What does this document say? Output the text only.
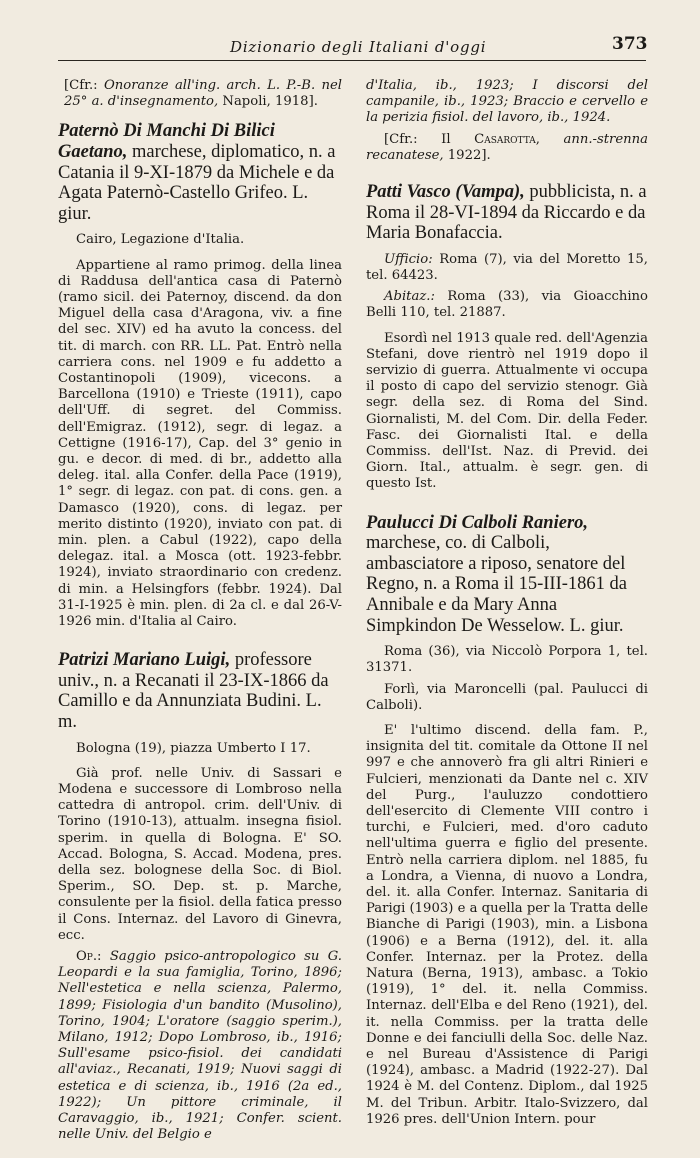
Dizionario degli Italiani d'oggi	373

[Cfr.: Onoranze all'ing. arch. L. P.-B. nel 25° a. d'insegnamento, Napoli, 1918].

Paternò Di Manchi Di Bilici Gaetano, marchese, diplomatico, n. a Catania il 9-XI-1879 da Michele e da Agata Paternò-Castello Grifeo. L. giur.

Cairo, Legazione d'Italia.

Appartiene al ramo primog. della linea di Raddusa dell'antica casa di Paternò (ramo sicil. dei Paternoy, discend. da don Miguel della casa d'Aragona, viv. a fine del sec. XIV) ed ha avuto la concess. del tit. di march. con RR. LL. Pat. Entrò nella carriera cons. nel 1909 e fu addetto a Costantinopoli (1909), vicecons. a Barcellona (1910) e Trieste (1911), capo dell'Uff. di segret. del Commiss. dell'Emigraz. (1912), segr. di legaz. a Cettigne (1916-17), Cap. del 3° genio in gu. e decor. di med. di br., addetto alla deleg. ital. alla Confer. della Pace (1919), 1° segr. di legaz. con pat. di cons. gen. a Damasco (1920), cons. di legaz. per merito distinto (1920), inviato con pat. di min. plen. a Cabul (1922), capo della delegaz. ital. a Mosca (ott. 1923-febbr. 1924), inviato straordinario con credenz. di min. a Helsingfors (febbr. 1924). Dal 31-I-1925 è min. plen. di 2a cl. e dal 26-V-1926 min. d'Italia al Cairo.

Patrizi Mariano Luigi, professore univ., n. a Recanati il 23-IX-1866 da Camillo e da Annunziata Budini. L. m.

Bologna (19), piazza Umberto I 17.

Già prof. nelle Univ. di Sassari e Modena e successore di Lombroso nella cattedra di antropol. crim. dell'Univ. di Torino (1910-13), attualm. insegna fisiol. sperim. in quella di Bologna. E' SO. Accad. Bologna, S. Accad. Modena, pres. della sez. bolognese della Soc. di Biol. Sperim., SO. Dep. st. p. Marche, consulente per la fisiol. della fatica presso il Cons. Internaz. del Lavoro di Ginevra, ecc.

Op.: Saggio psico-antropologico su G. Leopardi e la sua famiglia, Torino, 1896; Nell'estetica e nella scienza, Palermo, 1899; Fisiologia d'un bandito (Musolino), Torino, 1904; L'oratore (saggio sperim.), Milano, 1912; Dopo Lombroso, ib., 1916; Sull'esame psico-fisiol. dei candidati all'aviaz., Recanati, 1919; Nuovi saggi di estetica e di scienza, ib., 1916 (2a ed., 1922); Un pittore criminale, il Caravaggio, ib., 1921; Confer. scient. nelle Univ. del Belgio e

d'Italia, ib., 1923; I discorsi del campanile, ib., 1923; Braccio e cervello e la perizia fisiol. del lavoro, ib., 1924.

[Cfr.: Il Casarotta, ann.-strenna recanatese, 1922].

Patti Vasco (Vampa), pubblicista, n. a Roma il 28-VI-1894 da Riccardo e da Maria Bonafaccia.

Ufficio: Roma (7), via del Moretto 15, tel. 64423.

Abitaz.: Roma (33), via Gioacchino Belli 110, tel. 21887.

Esordì nel 1913 quale red. dell'Agenzia Stefani, dove rientrò nel 1919 dopo il servizio di guerra. Attualmente vi occupa il posto di capo del servizio stenogr. Già segr. della sez. di Roma del Sind. Giornalisti, M. del Com. Dir. della Feder. Fasc. dei Giornalisti Ital. e della Commiss. dell'Ist. Naz. di Previd. dei Giorn. Ital., attualm. è segr. gen. di questo Ist.

Paulucci Di Calboli Raniero, marchese, co. di Calboli, ambasciatore a riposo, senatore del Regno, n. a Roma il 15-III-1861 da Annibale e da Mary Anna Simpkindon De Wesselow. L. giur.

Roma (36), via Niccolò Porpora 1, tel. 31371.

Forlì, via Maroncelli (pal. Paulucci di Calboli).

E' l'ultimo discend. della fam. P., insignita del tit. comitale da Ottone II nel 997 e che annoverò fra gli altri Rinieri e Fulcieri, menzionati da Dante nel c. XIV del Purg., l'auluzzo condottiero dell'esercito di Clemente VIII contro i turchi, e Fulcieri, med. d'oro caduto nell'ultima guerra e figlio del presente. Entrò nella carriera diplom. nel 1885, fu a Londra, a Vienna, di nuovo a Londra, del. it. alla Confer. Internaz. Sanitaria di Parigi (1903) e a quella per la Tratta delle Bianche di Parigi (1903), min. a Lisbona (1906) e a Berna (1912), del. it. alla Confer. Internaz. per la Protez. della Natura (Berna, 1913), ambasc. a Tokio (1919), 1° del. it. nella Commiss. Internaz. dell'Elba e del Reno (1921), del. it. nella Commiss. per la tratta delle Donne e dei fanciulli della Soc. delle Naz. e nel Bureau d'Assistence di Parigi (1924), ambasc. a Madrid (1922-27). Dal 1924 è M. del Contenz. Diplom., dal 1925 M. del Tribun. Arbitr. Italo-Svizzero, dal 1926 pres. dell'Union Intern. pour
